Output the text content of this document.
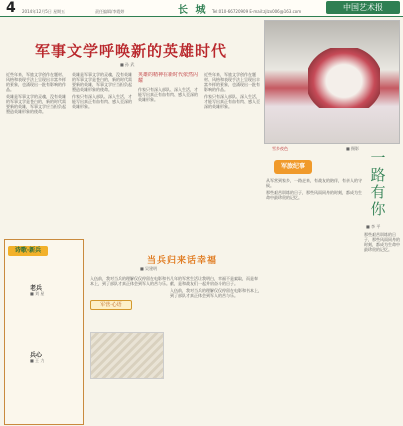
4 2014年12月5日 星期五	责任编辑/李霞婷	长 城 Tel:010-66720909 E-mail:zjlzx006@163.com	中国艺术报
军事文学呼唤新的英雄时代
■ 孙 武
近些年来，军旅文学创作在题材、风格和表现手法上呈现出丰富多样的景象，也涌现出一批有影响的作品。
英雄是军事文学的灵魂，没有英雄的军事文学是苍白的，新的时代需要新的英雄，军事文学应当担负起塑造英雄形象的使命。
英雄是军事文学的灵魂，没有英雄的军事文学是苍白的，新的时代需要新的英雄，军事文学应当担负起塑造英雄形象的使命。
作家只有深入部队、深入生活，才能写出真正有血有肉、感人至深的英雄形象。
英雄的精神在新时代依然闪耀
作家只有深入部队、深入生活，才能写出真正有血有肉、感人至深的英雄形象。
近些年来，军旅文学创作在题材、风格和表现手法上呈现出丰富多样的景象，也涌现出一批有影响的作品。
作家只有深入部队、深入生活，才能写出真正有血有肉、感人至深的英雄形象。
诗歌·新兵
老兵
■ 刘 星
兵心
■ 王 力
军营·心语
当兵归来话幸福
■ 吴建明
入伍前，我对当兵的理解仅仅停留在电影和书本上，到了部队才真正体会到军人的苦与乐。
几年的军营生活让我明白，幸福不是索取，而是奉献，是和战友们一起并肩奋斗的日子。
入伍前，我对当兵的理解仅仅停留在电影和书本上，到了部队才真正体会到军人的苦与乐。
雪乡夜色	■ 摄影
军旅纪事	一路有你
■ 李 平
从军营到家乡，一路走来，有战友的陪伴，有亲人的守候。
那些艰苦训练的日子，那些风雨同舟的时刻，都成为生命中最珍贵的记忆。
那些艰苦训练的日子，那些风雨同舟的时刻，都成为生命中最珍贵的记忆。
